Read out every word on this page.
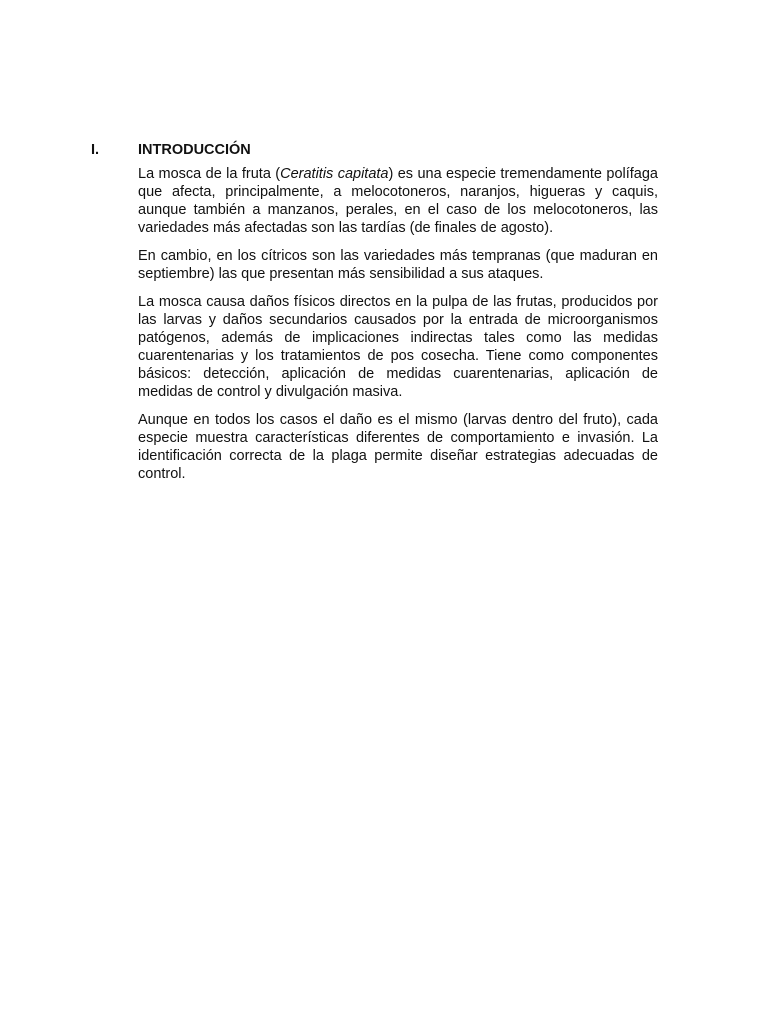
I.	INTRODUCCIÓN

La mosca de la fruta (Ceratitis capitata) es una especie tremendamente polífaga que afecta, principalmente, a melocotoneros, naranjos, higueras y caquis, aunque también a manzanos, perales, en el caso de los melocotoneros, las variedades más afectadas son las tardías (de finales de agosto).

En cambio, en los cítricos son las variedades más tempranas (que maduran en septiembre) las que presentan más sensibilidad a sus ataques.

La mosca causa daños físicos directos en la pulpa de las frutas, producidos por las larvas y daños secundarios causados por la entrada de microorganismos patógenos, además de implicaciones indirectas tales como las medidas cuarentenarias y los tratamientos de pos cosecha. Tiene como componentes básicos: detección, aplicación de medidas cuarentenarias, aplicación de medidas de control y divulgación masiva.

Aunque en todos los casos el daño es el mismo (larvas dentro del fruto), cada especie muestra características diferentes de comportamiento e invasión. La identificación correcta de la plaga permite diseñar estrategias adecuadas de control.
